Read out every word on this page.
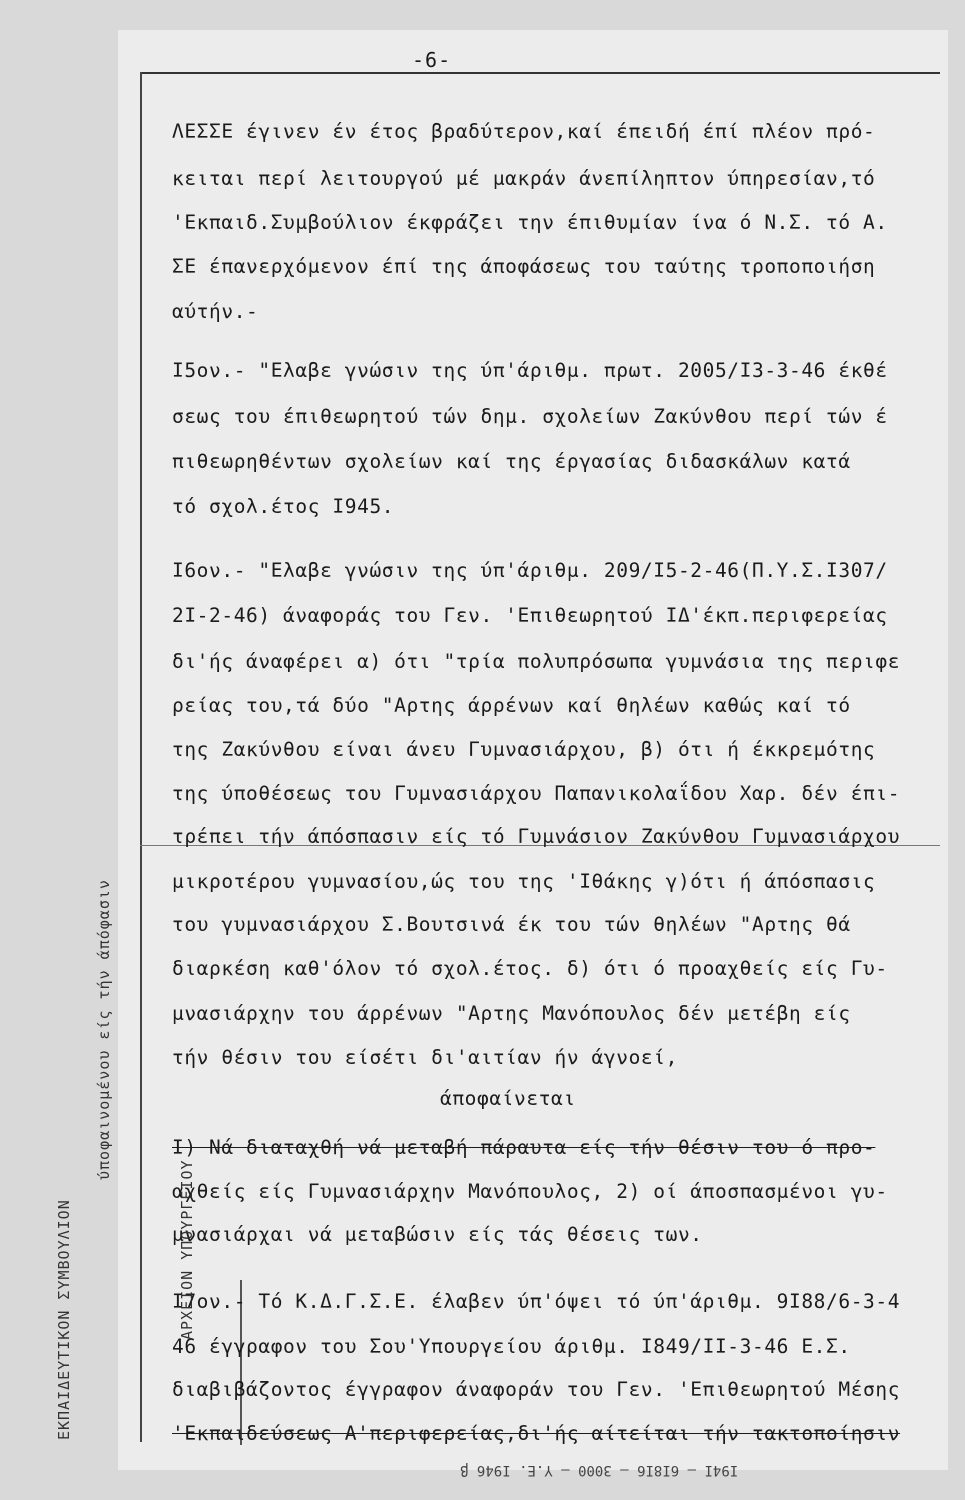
-6-
ΛΕΣΣΕ έγινεν έν έτος βραδύτερον,καί έπειδή έπί πλέον πρό-
κειται περί λειτουργού μέ μακράν άνεπίληπτον ύπηρεσίαν,τό
'Εκπαιδ.Συμβούλιον έκφράζει την έπιθυμίαν ίνα ό Ν.Σ. τό Α.
ΣΕ έπανερχόμενον έπί της άποφάσεως του ταύτης τροποποιήση
αύτήν.-
Ι5ον.- "Ελαβε γνώσιν της ύπ'άριθμ. πρωτ. 2005/Ι3-3-46 έκθέ
σεως του έπιθεωρητού τών δημ. σχολείων Ζακύνθου περί τών έ
πιθεωρηθέντων σχολείων καί της έργασίας διδασκάλων κατά
τό σχολ.έτος Ι945.
Ι6ον.- "Ελαβε γνώσιν της ύπ'άριθμ. 209/Ι5-2-46(Π.Υ.Σ.Ι307/
2Ι-2-46) άναφοράς του Γεν. 'Επιθεωρητού ΙΔ'έκπ.περιφερείας
δι'ής άναφέρει α) ότι "τρία πολυπρόσωπα γυμνάσια της περιφε
ρείας του,τά δύο "Αρτης άρρένων καί θηλέων καθώς καί τό
της Ζακύνθου είναι άνευ Γυμνασιάρχου, β) ότι ή έκκρεμότης
της ύποθέσεως του Γυμνασιάρχου Παπανικολαΐδου Χαρ. δέν έπι-
τρέπει τήν άπόσπασιν είς τό Γυμνάσιον Ζακύνθου Γυμνασιάρχου
μικροτέρου γυμνασίου,ώς του της 'Ιθάκης γ)ότι ή άπόσπασις
του γυμνασιάρχου Σ.Βουτσινά έκ του τών θηλέων "Αρτης θά
διαρκέση καθ'όλον τό σχολ.έτος. δ) ότι ό προαχθείς είς Γυ-
μνασιάρχην του άρρένων "Αρτης Μανόπουλος δέν μετέβη είς
τήν θέσιν του είσέτι δι'αιτίαν ήν άγνοεί,
άποφαίνεται
Ι) Νά διαταχθή νά μεταβή πάραυτα είς τήν θέσιν του ό προ-
αχθείς είς Γυμνασιάρχην Μανόπουλος, 2) οί άποσπασμένοι γυ-
μνασιάρχαι νά μεταβώσιν είς τάς θέσεις των.
Ι7ον.- Τό Κ.Δ.Γ.Σ.Ε. έλαβεν ύπ'όψει τό ύπ'άριθμ. 9Ι88/6-3-4
46 έγγραφον του Σου'Υπουργείου άριθμ. Ι849/ΙΙ-3-46 Ε.Σ.
διαβιβάζοντος έγγραφον άναφοράν του Γεν. 'Επιθεωρητού Μέσης
'Εκπαιδεύσεως Α'περιφερείας,δι'ής αίτείται τήν τακτοποίησιν
ΕΚΠΑΙΔΕΥΤΙΚΟΝ ΣΥΜΒΟΥΛΙΟΝ
ύποφαινομένου είς τήν άπόφασιν
ΑΡΧΕΙΟΝ ΥΠΟΥΡΓΕΙΟΥ
Ι94Ι — 6Ι8Ι6 — 3000 — Υ.Ε. Ι946 β
